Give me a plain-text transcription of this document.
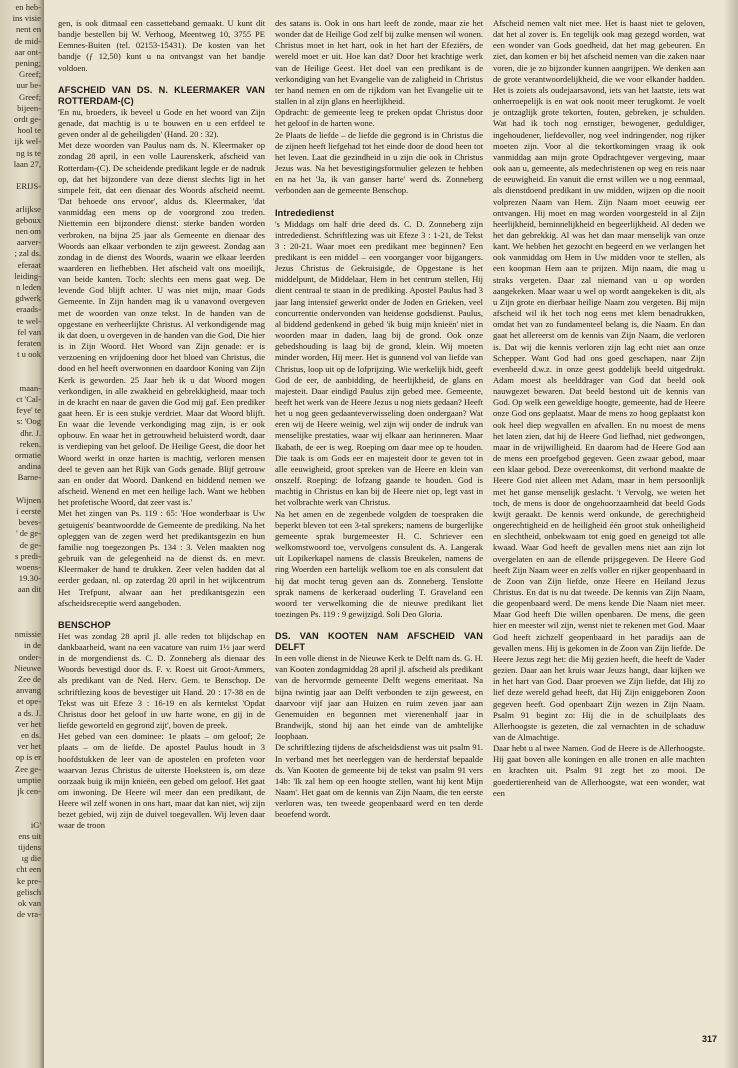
en heb-
ins visie
nent en
de mid-
aar ont-
pening;
Greef;
uur be-
Greef;
bijeen-
ordt ge-
hool te
ijk wel-
ng is te
laan 27,
ERIJS-
arlijkse
geboux
nen om
aarver-
; zal ds.
eferaat
leiding-
n leden
gdwerk
eraads-
te wel-
fel van
feraten
t u ook
maan-
ct 'Cal-
feye' te
s: 'Oog
dhr. J.
reken.
ormatie
andina
Barne-
Wijnen
i eerste
beves-
' de ge-
de ge-
s predi-
woens-
19.30-
aan dit
nmissie
in de
onder-
Nieuwe
Zee de
anvang
et ope-
a ds. J.
ver het
en ds.
ver het
op is er
Zee ge-
umptie
jk cen-
iG'
ens uit
tijdens
ıg die
cht een
ke pre-
gelisch
ok van
de vra-

gen, is ook ditmaal een cassetteband gemaakt. U kunt dit bandje bestellen bij W. Verhoog, Meentweg 10, 3755 PE Eemnes-Buiten (tel. 02153-15431). De kosten van het bandje (ƒ 12,50) kunt u na ontvangst van het bandje voldoen.

AFSCHEID VAN DS. N. KLEERMAKER VAN ROTTERDAM-(C)

'En nu, broeders, ik beveel u Gode en het woord van Zijn genade, dat machtig is u te bouwen en u een erfdeel te geven onder al de geheiligden' (Hand. 20 : 32).

Met deze woorden van Paulus nam ds. N. Kleermaker op zondag 28 april, in een volle Laurenskerk, afscheid van Rotterdam-(C). De scheidende predikant legde er de nadruk op, dat het bijzondere van deze dienst slechts ligt in het simpele feit, dat een dienaar des Woords afscheid neemt. 'Dat behoede ons ervoor', aldus ds. Kleermaker, 'dat vanmiddag een mens op de voorgrond zou treden. Niettemin een bijzondere dienst: sterke banden worden verbroken, na bijna 25 jaar als Gemeente en dienaar des Woords aan elkaar verbonden te zijn geweest. Zondag aan zondag in de dienst des Woords, waarin we elkaar leerden waarderen en liefhebben. Het afscheid valt ons moeilijk, van beide kanten. Toch: slechts een mens gaat weg. De levende God blijft achter. U was niet mijn, maar Gods Gemeente. In Zijn handen mag ik u vanavond overgeven met de woorden van onze tekst. In de handen van de opgestane en verheerlijkte Christus. Al verkondigende mag ik dat doen, u overgeven in de handen van die God, Die hier is in Zijn Woord. Het Woord van Zijn genade: er is verzoening en vrijdoening door het bloed van Christus, die dood en hel heeft overwonnen en daardoor Koning van Zijn Kerk is geworden. 25 Jaar heb ik u dat Woord mogen verkondigen, in alle zwakheid en gebrekkigheid, maar toch in de kracht en naar de gaven die God mij gaf. Een prediker gaat heen. Er is een stukje verdriet. Maar dat Woord blijft. En waar die levende verkondiging mag zijn, is er ook opbouw. En waar het in getrouwheid beluisterd wordt, daar is verdieping van het geloof. De Heilige Geest, die door het Woord werkt in onze harten is machtig, verloren mensen deel te geven aan het Rijk van Gods genade. Blijf getrouw aan en onder dat Woord. Dankend en biddend nemen we afscheid. Wenend en met een heilige lach. Want we hebben het profetische Woord, dat zeer vast is.'

Met het zingen van Ps. 119 : 65: 'Hoe wonderbaar is Uw getuigenis' beantwoordde de Gemeente de prediking. Na het opleggen van de zegen werd het predikantsgezin en hun familie nog toegezongen Ps. 134 : 3. Velen maakten nog gebruik van de gelegenheid na de dienst ds. en mevr. Kleermaker de hand te drukken. Zeer velen hadden dat al eerder gedaan, nl. op zaterdag 20 april in het wijkcentrum Het Trefpunt, alwaar aan het predikantsgezin een afscheidsreceptie werd aangeboden.

BENSCHOP

Het was zondag 28 april jl. alle reden tot blijdschap en dankbaarheid, want na een vacature van ruim 1½ jaar werd in de morgendienst ds. C. D. Zonneberg als dienaar des Woords bevestigd door ds. F. v. Roest uit Groot-Ammers, als predikant van de Ned. Herv. Gem. te Benschop. De schriftlezing koos de bevestiger uit Hand. 20 : 17-38 en de Tekst was uit Efeze 3 : 16-19 en als kerntekst 'Opdat Christus door het geloof in uw harte wone, en gij in de liefde geworteld en gegrond zijt', boven de preek.

Het gebed van een dominee: 1e plaats – om geloof; 2e plaats – om de liefde. De apostel Paulus houdt in 3 hoofdstukken de leer van de apostelen en profeten voor waarvan Jezus Christus de uiterste Hoeksteen is, om deze oorzaak buig ik mijn knieën, een gebed om geloof. Het gaat om inwoning. De Heere wil meer dan een predikant, de Heere wil zelf wonen in ons hart, maar dat kan niet, wij zijn bezet gebied, wij zijn de duivel toegevallen. Wij leven daar waar de troon

des satans is. Ook in ons hart leeft de zonde, maar zie het wonder dat de Heilige God zelf bij zulke mensen wil wonen. Christus moet in het hart, ook in het hart der Efeziërs, de wereld moet er uit. Hoe kan dat? Door het krachtige werk van de Heilige Geest. Het doel van een predikant is de verkondiging van het Evangelie van de zaligheid in Christus ter hand nemen en om de rijkdom van het Evangelie uit te stallen in al zijn glans en heerlijkheid.

Opdracht: de gemeente leeg te preken opdat Christus door het geloof in de harten wone.

2e Plaats de liefde – de liefde die gegrond is in Christus die de zijnen heeft liefgehad tot het einde door de dood heen tot het leven. Laat die gezindheid in u zijn die ook in Christus Jezus was. Na het bevestigingsformulier gelezen te hebben en na het 'Ja, ik van ganser harte' werd ds. Zonneberg verbonden aan de gemeente Benschop.

Intrededienst

's Middags om half drie deed ds. C. D. Zonneberg zijn intrededienst. Schriftlezing was uit Efeze 3 : 1-21, de Tekst 3 : 20-21. Waar moet een predikant mee beginnen? Een predikant is een middel – een voorganger voor bijgangers. Jezus Christus de Gekruisigde, de Opgestane is het middelpunt, de Middelaar, Hem in het centrum stellen, Hij dient centraal te staan in de prediking. Apostel Paulus had 3 jaar lang intensief gewerkt onder de Joden en Grieken, veel concurrentie ondervonden van heidense godsdienst. Paulus, al biddend gedenkend in gebed 'ik buig mijn knieën' niet in woorden maar in daden, laag bij de grond. Ook onze gebedshouding is laag bij de grond, klein. Wij moeten minder worden, Hij meer. Het is gunnend vol van liefde van Christus, loop uit op de lofprijzing. Wie werkelijk bidt, geeft God de eer, de aanbidding, de heerlijkheid, de glans en majesteit. Daar eindigd Paulus zijn gebed mee. Gemeente, heeft het werk van de Heere Jezus u nog niets gedaan? Heeft het u nog geen gedaanteverwisseling doen ondergaan? Wat eren wij de Heere weinig, wel zijn wij onder de indruk van menselijke prestaties, waar wij elkaar aan herinneren. Maar Ikabath, de eer is weg. Roeping om daar mee op te houden. Die taak is om Gods eer en majesteit door te geven tot in alle eeuwigheid, groot spreken van de Heere en klein van onszelf. Roeping: de lofzang gaande te houden. God is machtig in Christus en kan bij de Heere niet op, legt vast in het volbrachte werk van Christus.

Na het amen en de zegenbede volgden de toespraken die beperkt bleven tot een 3-tal sprekers; namens de burgerlijke gemeente sprak burgemeester H. C. Schriever een welkomstwoord toe, vervolgens consulent ds. A. Langerak uit Lopikerkapel namens de classis Breukelen, namens de ring Woerden een hartelijk welkom toe en als consulent dat hij dat mocht terug geven aan ds. Zonneberg. Tenslotte sprak namens de kerkeraad ouderling T. Graveland een woord ter verwelkoming die de nieuwe predikant liet toezingen Ps. 119 : 9 gewijzigd. Soli Deo Gloria.

DS. VAN KOOTEN NAM AFSCHEID VAN DELFT

In een volle dienst in de Nieuwe Kerk te Delft nam ds. G. H. van Kooten zondagmiddag 28 april jl. afscheid als predikant van de hervormde gemeente Delft wegens emeritaat. Na bijna twintig jaar aan Delft verbonden te zijn geweest, en daarvoor vijf jaar aan Huizen en ruim zeven jaar aan Genemuiden en begonnen met vierenenhalf jaar in Brandwijk, stond hij aan het einde van de ambtelijke loopbaan.

De schriftlezing tijdens de afscheidsdienst was uit psalm 91. In verband met het neerleggen van de herderstaf bepaalde ds. Van Kooten de gemeente bij de tekst van psalm 91 vers 14b: 'Ik zal hem op een hoogte stellen, want hij kent Mijn Naam'. Het gaat om de kennis van Zijn Naam, die ten eerste verloren was, ten tweede geopenbaard werd en ten derde beoefend wordt.

Afscheid nemen valt niet mee. Het is haast niet te geloven, dat het al zover is. En tegelijk ook mag gezegd worden, wat een wonder van Gods goedheid, dat het mag gebeuren. En ziet, dan komen er bij het afscheid nemen van die zaken naar voren, die je zo bijzonder kunnen aangrijpen. We denken aan de grote verantwoordelijkheid, die we voor elkander hadden. Het is zoiets als oudejaarsavond, iets van het laatste, iets wat onherroepelijk is en wat ook nooit meer terugkomt. Je voelt je ontzaglijk grote tekorten, fouten, gebreken, je schulden. Wat had ik toch nog ernstiger, bewogener, geduldiger, ingehoudener, liefdevoller, nog veel indringender, nog rijker moeten zijn. Voor al die tekortkomingen vraag ik ook vanmiddag aan mijn grote Opdrachtgever vergeving, maar ook aan u, gemeente, als medechristenen op weg en reis naar de eeuwigheid. En vanuit die ernst willen we u nog eenmaal, als dienstdoend predikant in uw midden, wijzen op die nooit volprezen Naam van Hem. Zijn Naam moet eeuwig eer ontvangen. Hij moet en mag worden voorgesteld in al Zijn heerlijkheid, beminnelijkheid en begeerlijkheid. Al deden we het dan gebrekkig. Al was het dan maar menselijk van onze kant. We hebben het gezocht en begeerd en we verlangen het ook vanmiddag om Hem in Uw midden voor te stellen, als een koopman Hem aan te prijzen. Mijn naam, die mag u straks vergeten. Daar zal niemand van u op worden aangekeken. Maar waar u wel op wordt aangekeken is dit, als u Zijn grote en dierbaar heilige Naam zou vergeten. Bij mijn afscheid wil ik het toch nog eens met klem benadrukken, omdat het van zo fundamenteel belang is, die Naam. En dan gaat het allereerst om de kennis van Zijn Naam, die verloren is. Dat wij die kennis verloren zijn lag echt niet aan onze Schepper. Want God had ons goed geschapen, naar Zijn evenbeeld d.w.z. in onze geest goddelijk beeld uitgedrukt. Adam moest als beelddrager van God dat beeld ook nauwgezet bewaren. Dat beeld bestond uit de kennis van God. Op welk een geweldige hoogte, gemeente, had de Heere onze God ons geplaatst. Maar de mens zo hoog geplaatst kon ook heel diep wegvallen en afvallen. En nu moest de mens het laten zien, dat hij de Heere God liefhad, niet gedwongen, maar in de vrijwilligheid. En daarom had de Heere God aan de mens een proefgebod gegeven. Geen zwaar gebod, maar een klaar gebod. Deze overeenkomst, dit verbond maakte de Heere God niet alleen met Adam, maar in hem persoonlijk met het ganse menselijk geslacht. 't Vervolg, we weten het toch, de mens is door de ongehoorzaamheid dat beeld Gods kwijt geraakt. De kennis werd onkunde, de gerechtigheid ongerechtigheid en de heiligheid één groot stuk onheiligheid en slechtheid, onbekwaam tot enig goed en geneigd tot alle kwaad. Waar God heeft de gevallen mens niet aan zijn lot overgelaten en aan de ellende prijsgegeven. De Heere God heeft Zijn Naam weer en zelfs voller en rijker geopenbaard in de Zoon van Zijn liefde, onze Heere en Heiland Jezus Christus. En dat is nu dat tweede. De kennis van Zijn Naam, die geopenbaard werd. De mens kende Die Naam niet meer. Maar God heeft Die willen openbaren. De mens, die geen hier en meester wil zijn, wenst niet te rekenen met God. Maar God heeft zichzelf geopenbaard in het paradijs aan de gevallen mens. Hij is gekomen in de Zoon van Zijn liefde. De Heere Jezus zegt het: die Mij gezien heeft, die heeft de Vader gezien. Daar aan het kruis waar Jeuzs hangt, daar kijken we in het hart van God. Daar proeven we Zijn liefde, dat Hij zo lief deze wereld gehad heeft, dat Hij Zijn eniggeboren Zoon gegeven heeft. God openbaart Zijn wezen in Zijn Naam. Psalm 91 begint zo: Hij die in de schuilplaats des Allerhoogste is gezeten, die zal vernachten in de schaduw van de Almachtige.

Daar hebt u al twee Namen. God de Heere is de Allerhoogste. Hij gaat boven alle koningen en alle tronen en alle machten en krachten uit. Psalm 91 zegt het zo mooi. De goedertierenheid van de Allerhoogste, wat een wonder, wat een

317
